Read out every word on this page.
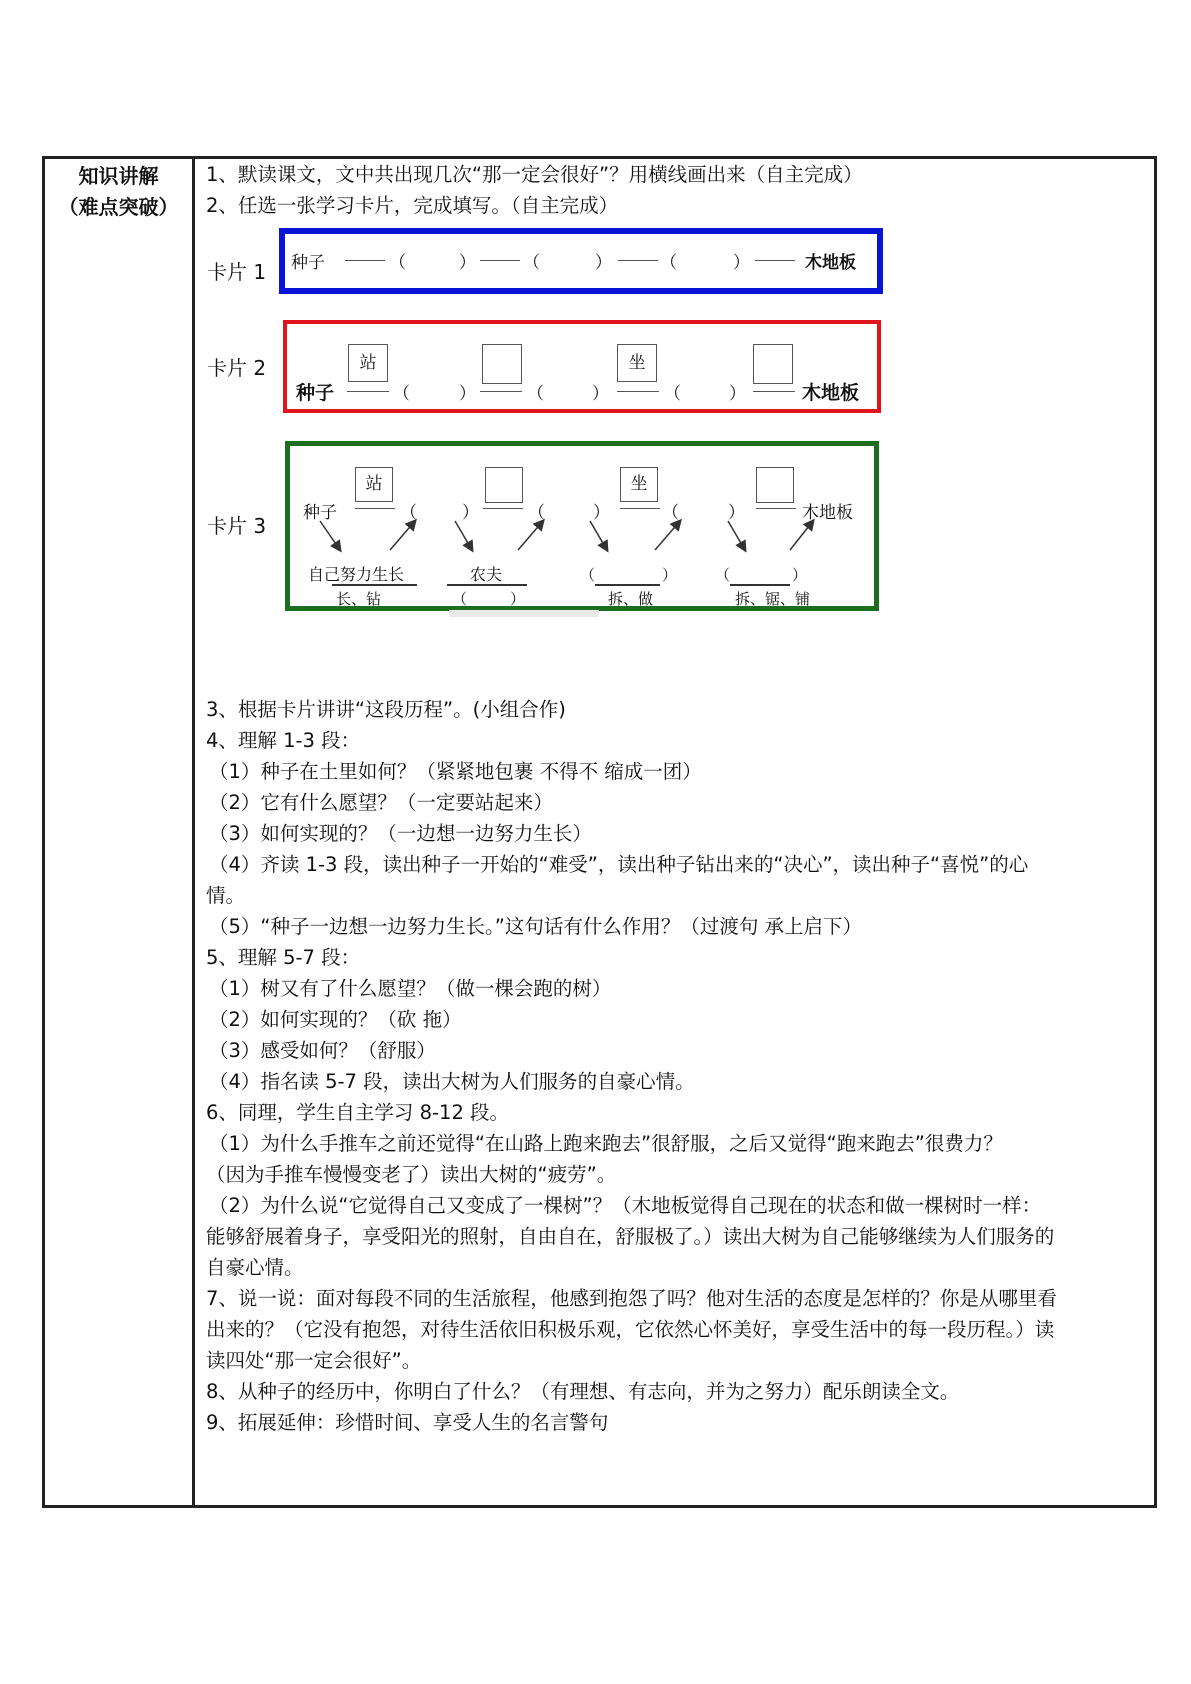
知识讲解
（难点突破）
1、默读课文，文中共出现几次“那一定会很好”？用横线画出来（自主完成）
2、任选一张学习卡片，完成填写。（自主完成）
卡片 1 种子	（	）	（	）	（	）	木地板
卡片 2
种子
站
（	）	（	）
坐
（	）	木地板
卡片 3
种子
站
（	）	（	）
坐
（	）	木地板
自己努力生长
长、钻
农夫
（	）
（	）
拆、做
（	）
拆、锯、铺
3、根据卡片讲讲“这段历程”。(小组合作)
4、理解 1-3 段：
（1）种子在土里如何？（紧紧地包裹 不得不 缩成一团）
（2）它有什么愿望？（一定要站起来）
（3）如何实现的？（一边想一边努力生长）
（4）齐读 1-3 段，读出种子一开始的“难受”，读出种子钻出来的“决心”，读出种子“喜悦”的心
情。
（5）“种子一边想一边努力生长。”这句话有什么作用？（过渡句 承上启下）
5、理解 5-7 段：
（1）树又有了什么愿望？（做一棵会跑的树）
（2）如何实现的？（砍 拖）
（3）感受如何？（舒服）
（4）指名读 5-7 段，读出大树为人们服务的自豪心情。
6、同理，学生自主学习 8-12 段。
（1）为什么手推车之前还觉得“在山路上跑来跑去”很舒服，之后又觉得“跑来跑去”很费力？
（因为手推车慢慢变老了）读出大树的“疲劳”。
（2）为什么说“它觉得自己又变成了一棵树”？（木地板觉得自己现在的状态和做一棵树时一样：
能够舒展着身子，享受阳光的照射，自由自在，舒服极了。）读出大树为自己能够继续为人们服务的
自豪心情。
7、说一说：面对每段不同的生活旅程，他感到抱怨了吗？他对生活的态度是怎样的？你是从哪里看
出来的？（它没有抱怨，对待生活依旧积极乐观，它依然心怀美好，享受生活中的每一段历程。）读
读四处“那一定会很好”。
8、从种子的经历中，你明白了什么？（有理想、有志向，并为之努力）配乐朗读全文。
9、拓展延伸：珍惜时间、享受人生的名言警句
